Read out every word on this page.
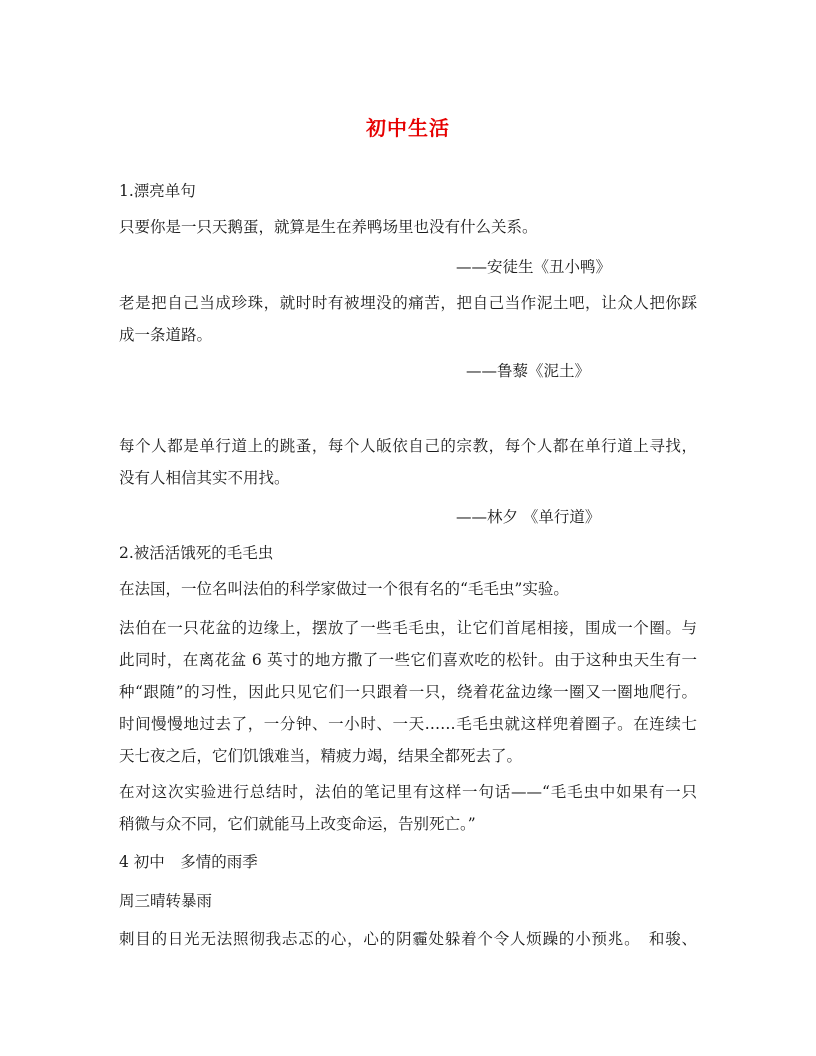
初中生活
1.漂亮单句
只要你是一只天鹅蛋，就算是生在养鸭场里也没有什么关系。
——安徒生《丑小鸭》
老是把自己当成珍珠，就时时有被埋没的痛苦，把自己当作泥土吧，让众人把你踩
成一条道路。
——鲁藜《泥土》
每个人都是单行道上的跳蚤，每个人皈依自己的宗教，每个人都在单行道上寻找，
没有人相信其实不用找。
——林夕 《单行道》
2.被活活饿死的毛毛虫
在法国，一位名叫法伯的科学家做过一个很有名的“毛毛虫”实验。
法伯在一只花盆的边缘上，摆放了一些毛毛虫，让它们首尾相接，围成一个圈。与
此同时，在离花盆 6 英寸的地方撒了一些它们喜欢吃的松针。由于这种虫天生有一
种“跟随”的习性，因此只见它们一只跟着一只，绕着花盆边缘一圈又一圈地爬行。
时间慢慢地过去了，一分钟、一小时、一天……毛毛虫就这样兜着圈子。在连续七
天七夜之后，它们饥饿难当，精疲力竭，结果全都死去了。
在对这次实验进行总结时，法伯的笔记里有这样一句话——“毛毛虫中如果有一只
稍微与众不同，它们就能马上改变命运，告别死亡。”
4 初中　多情的雨季
周三晴转暴雨
刺目的日光无法照彻我忐忑的心，心的阴霾处躲着个令人烦躁的小预兆。　和骏、
